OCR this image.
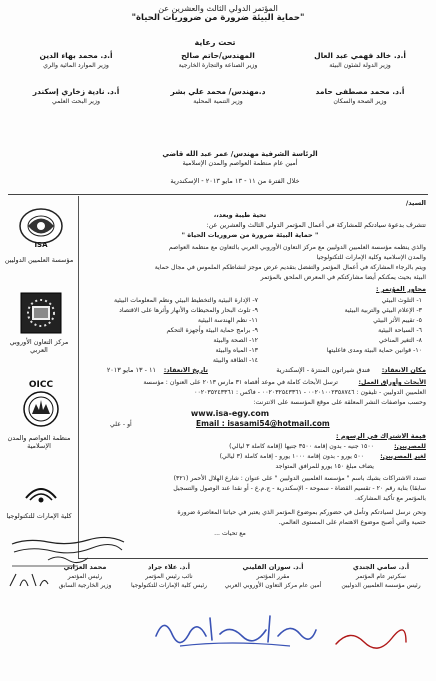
المؤتمر الدولي الثالث والعشرين عن
"حماية البيئة ضرورة من ضروريات الحياة"
تحت رعاية
أ.د. خالد فهمي عبد العال
وزير الدولة لشئون البيئة
المهندس/حاتم صالح
وزير الصناعة والتجارة الخارجية
أ.د. محمد بهاء الدين
وزير الموارد المائية والري
أ.د. محمد مصطفى حامد
وزير الصحة والسكان
د.مهندس/ محمد علي بشر
وزير التنمية المحلية
أ.د. نادية زخاري إسكندر
وزير البحث العلمي
الرئاسة الشرفية مهندس/ عمر عبد الله قاضي
أمين عام منظمة العواصم والمدن الإسلامية
خلال الفترة من ١١ - ١٣ مايو ٢٠١٣ - الإسكندرية
ISA
مؤسسة العلميين الدوليين
مركز التعاون الأوروبي العربي
OICC
منظمة العواصم والمدن الإسلامية
كلية الإمارات للتكنولوجيا
السيد/
تحية طيبة وبعد،،
تتشرف بدعوة سيادتكم للمشاركة في أعمال المؤتمر الدولي الثالث والعشرين عن:
" حماية البيئة ضرورة من ضروريات الحياة "
والذي ينظمه مؤسسة العلميين الدوليين مع مركز التعاون الأوروبي العربي بالتعاون مع منظمة العواصم
والمدن الإسلامية وكلية الإمارات للتكنولوجيا
ويتم بالرجاء المشاركة في أعمال المؤتمر والتفضل بتقديم عرض موجز لنشاطكم الملموس في مجال حماية
البيئة بحيث يمكنكم أيضا مشاركتكم في المعرض الملحق بالمؤتمر
محاور المؤتمر :
١- التلوث البيئي
٣- الإعلام البيئي والتربية البيئية
٥- تقييم الأثر البيئي
٦- السياحة البيئية
٨- التغير المناخي
١٠- قوانين حماية البيئة ومدى فاعليتها
٧- الإدارة البيئية والتخطيط البيئي ونظم المعلومات البيئية
٩- تلوث البحار والمحيطات والأنهار وأثرها على الاقتصاد
١١- نظم الهندسة البيئية
٩- برامج حماية البيئة وأجهزة التحكم
١٢- الصحة والبيئة
١٣- المياه والبيئة
١٤- الطاقة والبيئة
مكان الانعقاد:
فندق شيراتون المنتزة - الإسكندرية
تاريخ الانعقاد:
١١ - ١٣ مايو ٢٠١٣
الأبحاث وأوراق العمل:
ترسل الأبحاث كاملة في موعد أقصاه ٣١ مارس ٢٠١٣ على العنوان : مؤسسة
العلميين الدوليين - تليفون : ٠٠٢٠١٠٠٢٣٥٨٧٤٦ - ٠٠٢٠٣٢٥٤٣٣٦١ - فاكس : ٠٠٢٠٣٥٢٤٣٣٦١
وحسب مواصفات النشر المعلقة على موقع المؤسسة على الانترنت:
www.isa-egy.com
Email : isasami54@hotmail.com
أو - علي
قيمة الاشتراك في الرسوم :
للمصريين:
١٥٠٠ جنيه - بدون إقامة ٣٥٠٠ جنيها (إقامة كاملة ٣ ليالي)
لغير المصريين:
٥٠٠ يورو - بدون إقامة ١٠٠٠ يورو - إقامة كاملة (٣ ليالي)
يضاف مبلغ ١٥٠ يورو للمرافق المتواجد
تسدد الاشتراكات بشيك باسم " مؤسسة العلميين الدوليين " على عنوان : شارع الهلال الأحمر (٣٢١)
سابقا) بناية رقم ٢٠ - تقسيم القضاة - سموحة - الإسكندرية - ج.م.ع - أو نقدا عند الوصول والتسجيل
بالمؤتمر مع تأكيد المشاركة.
ونحن نرسل لسيادتكم وتأمل في حضوركم بموضوع المؤتمر الذي يعتبر في حياتنا المعاصرة ضرورة
حتمية والتي أصبح موضوع الاهتمام على المستوى العالمي.
مع تحيات ...
أ.د. سامي الجندي
سكرتير عام المؤتمر
رئيس مؤسسة العلميين الدوليين
أ.د. سوزان القليني
مقرر المؤتمر
أمين عام مركز التعاون الأوروبي العربي
أ.د. علاء جراد
نائب رئيس المؤتمر
رئيس كلية الإمارات للتكنولوجيا
محمد العرابي
رئيس المؤتمر
وزير الخارجية السابق
